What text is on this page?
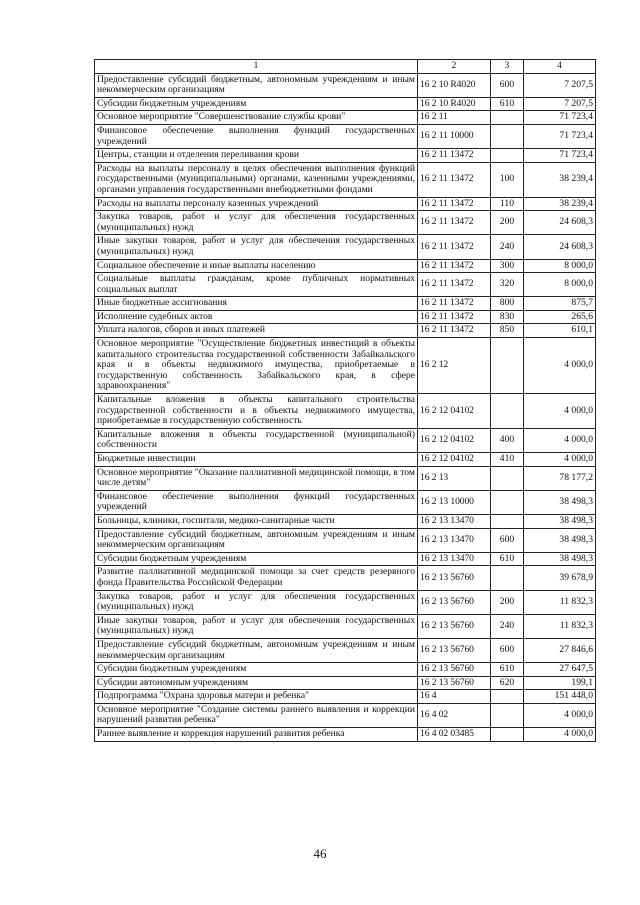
1	2	3	4
Предоставление субсидий бюджетным, автономным учреждениям и иным некоммерческим организациям	16 2 10 R4020	600	7 207,5
Субсидии бюджетным учреждениям	16 2 10 R4020	610	7 207,5
Основное мероприятие "Совершенствование службы крови"	16 2 11		71 723,4
Финансовое обеспечение выполнения функций государственных учреждений	16 2 11 10000		71 723,4
Центры, станции и отделения переливания крови	16 2 11 13472		71 723,4
Расходы на выплаты персоналу в целях обеспечения выполнения функций государственными (муниципальными) органами, казенными учреждениями, органами управления государственными внебюджетными фондами	16 2 11 13472	100	38 239,4
Расходы на выплаты персоналу казенных учреждений	16 2 11 13472	110	38 239,4
Закупка товаров, работ и услуг для обеспечения государственных (муниципальных) нужд	16 2 11 13472	200	24 608,3
Иные закупки товаров, работ и услуг для обеспечения государственных (муниципальных) нужд	16 2 11 13472	240	24 608,3
Социальное обеспечение и иные выплаты населению	16 2 11 13472	300	8 000,0
Социальные выплаты гражданам, кроме публичных нормативных социальных выплат	16 2 11 13472	320	8 000,0
Иные бюджетные ассигнования	16 2 11 13472	800	875,7
Исполнение судебных актов	16 2 11 13472	830	265,6
Уплата налогов, сборов и иных платежей	16 2 11 13472	850	610,1
Основное мероприятие "Осуществление бюджетных инвестиций в объекты капитального строительства государственной собственности Забайкальского края и в объекты недвижимого имущества, приобретаемые в государственную собственность Забайкальского края, в сфере здравоохранения"	16 2 12		4 000,0
Капитальные вложения в объекты капитального строительства государственной собственности и в объекты недвижимого имущества, приобретаемые в государственную собственность	16 2 12 04102		4 000,0
Капитальные вложения в объекты государственной (муниципальной) собственности	16 2 12 04102	400	4 000,0
Бюджетные инвестиции	16 2 12 04102	410	4 000,0
Основное мероприятие "Оказание паллиативной медицинской помощи, в том числе детям"	16 2 13		78 177,2
Финансовое обеспечение выполнения функций государственных учреждений	16 2 13 10000		38 498,3
Больницы, клиники, госпитали, медико-санитарные части	16 2 13 13470		38 498,3
Предоставление субсидий бюджетным, автономным учреждениям и иным некоммерческим организациям	16 2 13 13470	600	38 498,3
Субсидии бюджетным учреждениям	16 2 13 13470	610	38 498,3
Развитие паллиативной медицинской помощи за счет средств резервного фонда Правительства Российской Федерации	16 2 13 56760		39 678,9
Закупка товаров, работ и услуг для обеспечения государственных (муниципальных) нужд	16 2 13 56760	200	11 832,3
Иные закупки товаров, работ и услуг для обеспечения государственных (муниципальных) нужд	16 2 13 56760	240	11 832,3
Предоставление субсидий бюджетным, автономным учреждениям и иным некоммерческим организациям	16 2 13 56760	600	27 846,6
Субсидии бюджетным учреждениям	16 2 13 56760	610	27 647,5
Субсидии автономным учреждениям	16 2 13 56760	620	199,1
Подпрограмма "Охрана здоровья матери и ребенка"	16 4		151 448,0
Основное мероприятие "Создание системы раннего выявления и коррекции нарушений развития ребенка"	16 4 02		4 000,0
Раннее выявление и коррекция нарушений развития ребенка	16 4 02 03485		4 000,0
46
